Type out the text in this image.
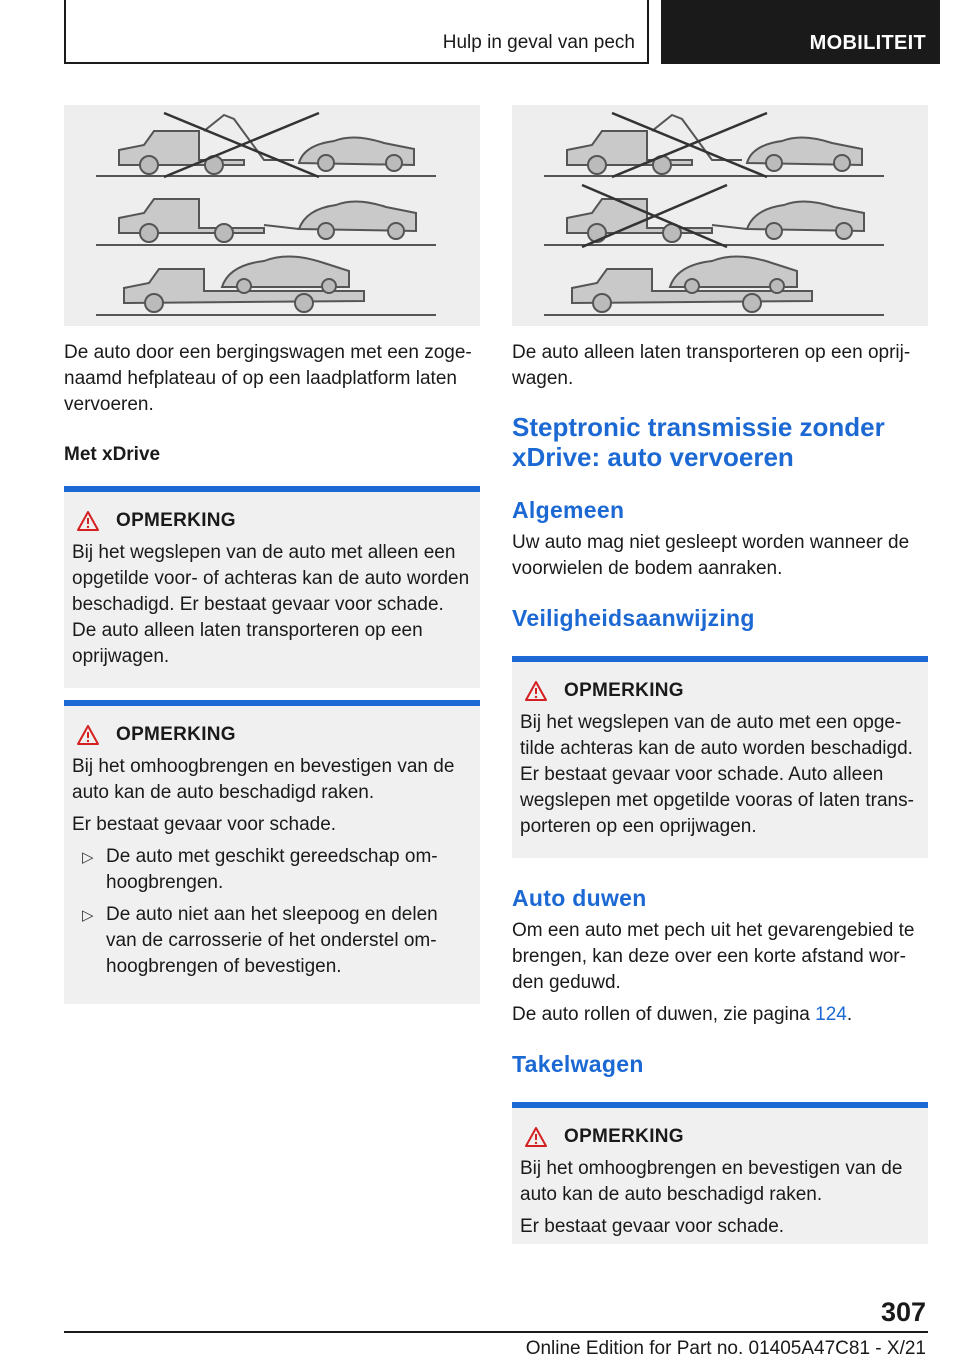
Hulp in geval van pech	MOBILITEIT

De auto door een bergingswagen met een zogenaamd hefplateau of op een laadplatform laten vervoeren.

Met xDrive

OPMERKING

Bij het wegslepen van de auto met alleen een opgetilde voor- of achteras kan de auto worden beschadigd. Er bestaat gevaar voor schade. De auto alleen laten transporteren op een oprijwagen.

OPMERKING

Bij het omhoogbrengen en bevestigen van de auto kan de auto beschadigd raken.

Er bestaat gevaar voor schade.

▷ De auto met geschikt gereedschap omhoogbrengen.
▷ De auto niet aan het sleepoog en delen van de carrosserie of het onderstel omhoogbrengen of bevestigen.

De auto alleen laten transporteren op een oprijwagen.

Steptronic transmissie zonder xDrive: auto vervoeren
Algemeen

Uw auto mag niet gesleept worden wanneer de voorwielen de bodem aanraken.

Veiligheidsaanwijzing
OPMERKING

Bij het wegslepen van de auto met een opgetilde achteras kan de auto worden beschadigd. Er bestaat gevaar voor schade. Auto alleen wegslepen met opgetilde vooras of laten transporteren op een oprijwagen.

Auto duwen

Om een auto met pech uit het gevarengebied te brengen, kan deze over een korte afstand worden geduwd.

De auto rollen of duwen, zie pagina 124.

Takelwagen
OPMERKING

Bij het omhoogbrengen en bevestigen van de auto kan de auto beschadigd raken.

Er bestaat gevaar voor schade.

307
Online Edition for Part no. 01405A47C81 - X/21
